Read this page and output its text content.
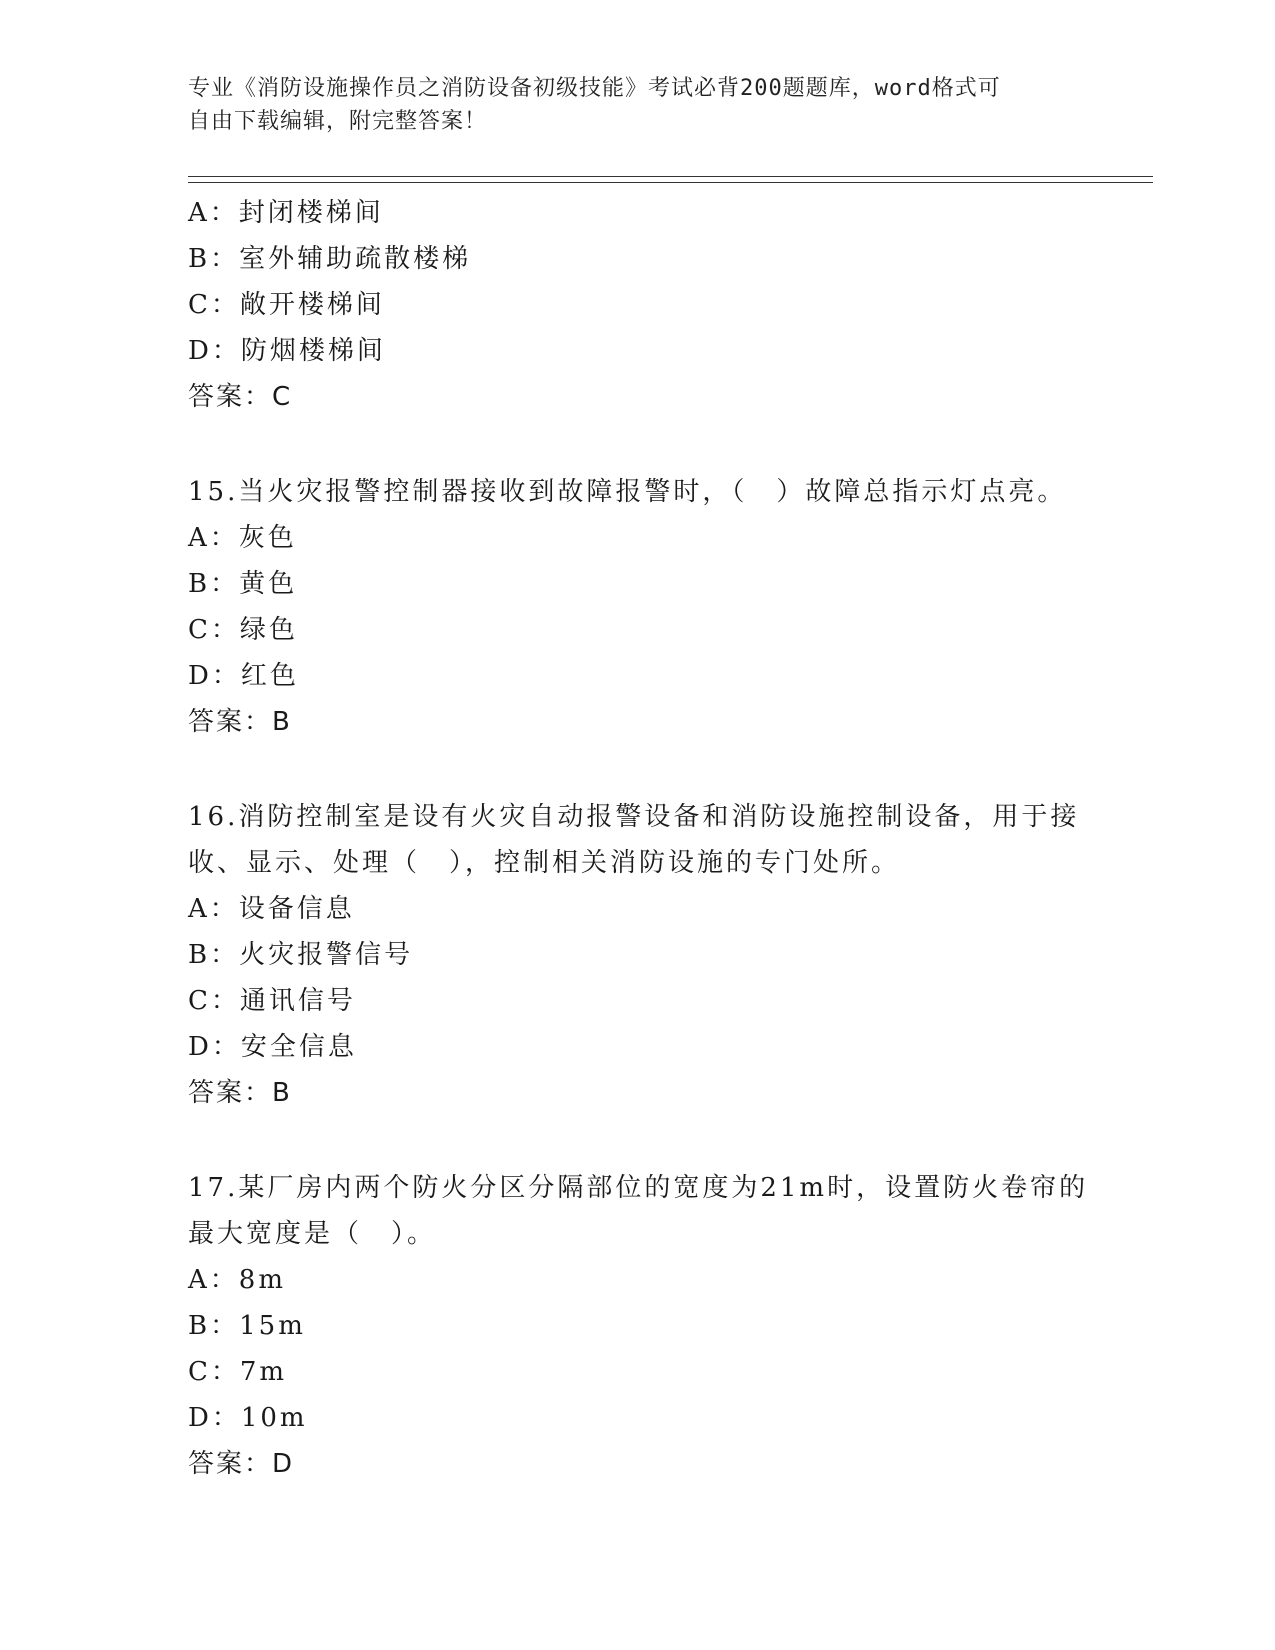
专业《消防设施操作员之消防设备初级技能》考试必背200题题库，word格式可
自由下载编辑，附完整答案！
A：封闭楼梯间
B：室外辅助疏散楼梯
C：敞开楼梯间
D：防烟楼梯间
答案：C
15.当火灾报警控制器接收到故障报警时，（　）故障总指示灯点亮。
A：灰色
B：黄色
C：绿色
D：红色
答案：B
16.消防控制室是设有火灾自动报警设备和消防设施控制设备，用于接
收、显示、处理（　），控制相关消防设施的专门处所。
A：设备信息
B：火灾报警信号
C：通讯信号
D：安全信息
答案：B
17.某厂房内两个防火分区分隔部位的宽度为21m时，设置防火卷帘的
最大宽度是（　）。
A：8m
B：15m
C：7m
D：10m
答案：D
